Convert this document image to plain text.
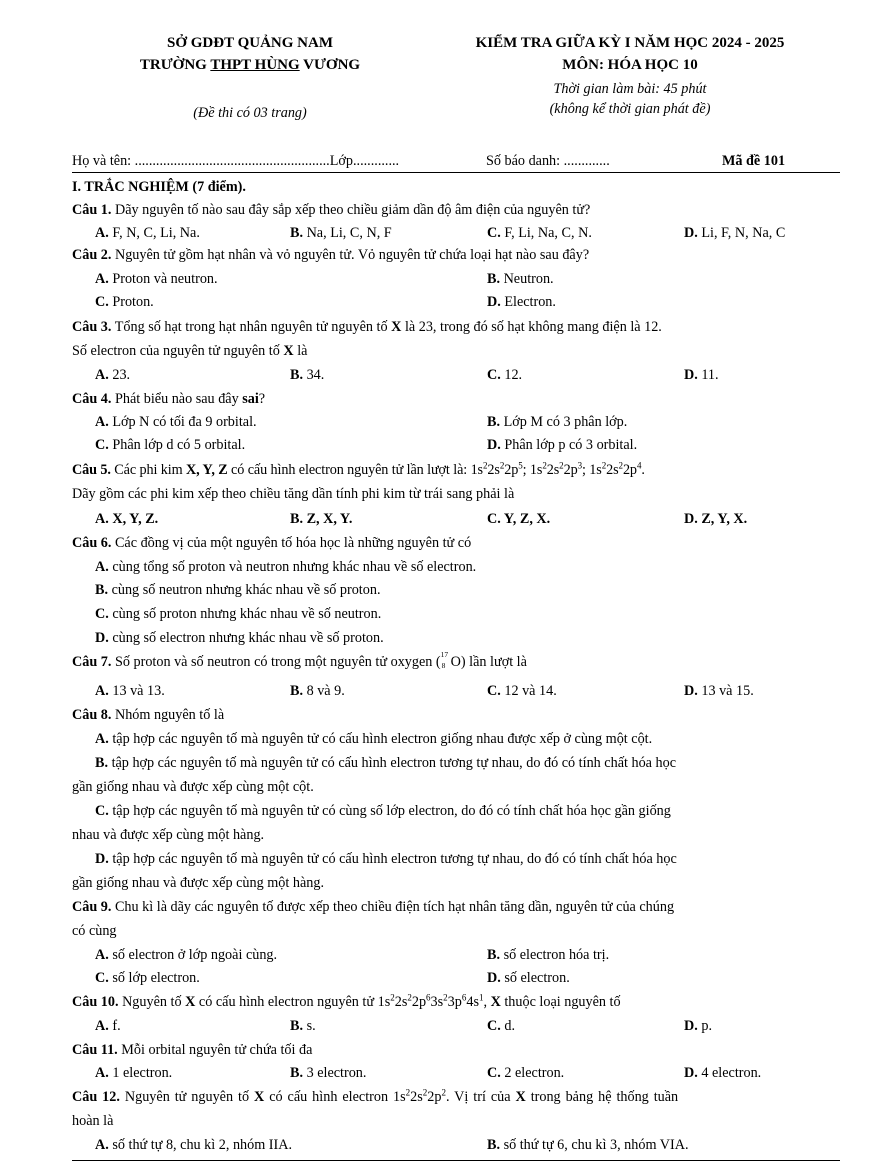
SỞ GDĐT QUẢNG NAM
TRƯỜNG THPT HÙNG VƯƠNG
(Đề thi có 03 trang)
KIỂM TRA GIỮA KỲ I NĂM HỌC 2024 - 2025
MÔN: HÓA HỌC 10
Thời gian làm bài: 45 phút
(không kể thời gian phát đề)
Họ và tên: .......................................................Lớp.............	Số báo danh: .............	Mã đề 101
I. TRẮC NGHIỆM (7 điểm).
Câu 1. Dãy nguyên tố nào sau đây sắp xếp theo chiều giảm dần độ âm điện của nguyên tử?
A. F, N, C, Li, Na.	B. Na, Li, C, N, F	C. F, Li, Na, C, N.	D. Li, F, N, Na, C
Câu 2. Nguyên tử gồm hạt nhân và vỏ nguyên tử. Vỏ nguyên tử chứa loại hạt nào sau đây?
A. Proton và neutron.	B. Neutron.
C. Proton.	D. Electron.
Câu 3. Tổng số hạt trong hạt nhân nguyên tử nguyên tố X là 23, trong đó số hạt không mang điện là 12.
Số electron của nguyên tử nguyên tố X là
A. 23.	B. 34.	C. 12.	D. 11.
Câu 4. Phát biểu nào sau đây sai?
A. Lớp N có tối đa 9 orbital.	B. Lớp M có 3 phân lớp.
C. Phân lớp d có 5 orbital.	D. Phân lớp p có 3 orbital.
Câu 5. Các phi kim X, Y, Z có cấu hình electron nguyên tử lần lượt là: $1s^22s^22p^5$; $1s^22s^22p^3$; $1s^22s^22p^4$.
Dãy gồm các phi kim xếp theo chiều tăng dần tính phi kim từ trái sang phải là
A. X, Y, Z.	B. Z, X, Y.	C. Y, Z, X.	D. Z, Y, X.
Câu 6. Các đồng vị của một nguyên tố hóa học là những nguyên tử có
A. cùng tổng số proton và neutron nhưng khác nhau về số electron.
B. cùng số neutron nhưng khác nhau về số proton.
C. cùng số proton nhưng khác nhau về số neutron.
D. cùng số electron nhưng khác nhau về số proton.
Câu 7. Số proton và số neutron có trong một nguyên tử oxygen ( 17
8 O) lần lượt là
A. 13 và 13.	B. 8 và 9.	C. 12 và 14.	D. 13 và 15.
Câu 8. Nhóm nguyên tố là
A. tập hợp các nguyên tố mà nguyên tử có cấu hình electron giống nhau được xếp ở cùng một cột.
B. tập hợp các nguyên tố mà nguyên tử có cấu hình electron tương tự nhau, do đó có tính chất hóa học
gần giống nhau và được xếp cùng một cột.
C. tập hợp các nguyên tố mà nguyên tử có cùng số lớp electron, do đó có tính chất hóa học gần giống
nhau và được xếp cùng một hàng.
D. tập hợp các nguyên tố mà nguyên tử có cấu hình electron tương tự nhau, do đó có tính chất hóa học
gần giống nhau và được xếp cùng một hàng.
Câu 9. Chu kì là dãy các nguyên tố được xếp theo chiều điện tích hạt nhân tăng dần, nguyên tử của chúng
có cùng
A. số electron ở lớp ngoài cùng.	B. số electron hóa trị.
C. số lớp electron.	D. số electron.
Câu 10. Nguyên tố X có cấu hình electron nguyên tử $1s^22s^22p^63s^23p^64s^1$, X thuộc loại nguyên tố
A. f.	B. s.	C. d.	D. p.
Câu 11. Mỗi orbital nguyên tử chứa tối đa
A. 1 electron.	B. 3 electron.	C. 2 electron.	D. 4 electron.
Câu 12. Nguyên tử nguyên tố X có cấu hình electron $1s^22s^22p^2$. Vị trí của X trong bảng hệ thống tuần
hoàn là
A. số thứ tự 8, chu kì 2, nhóm IIA.	B. số thứ tự 6, chu kì 3, nhóm VIA.
